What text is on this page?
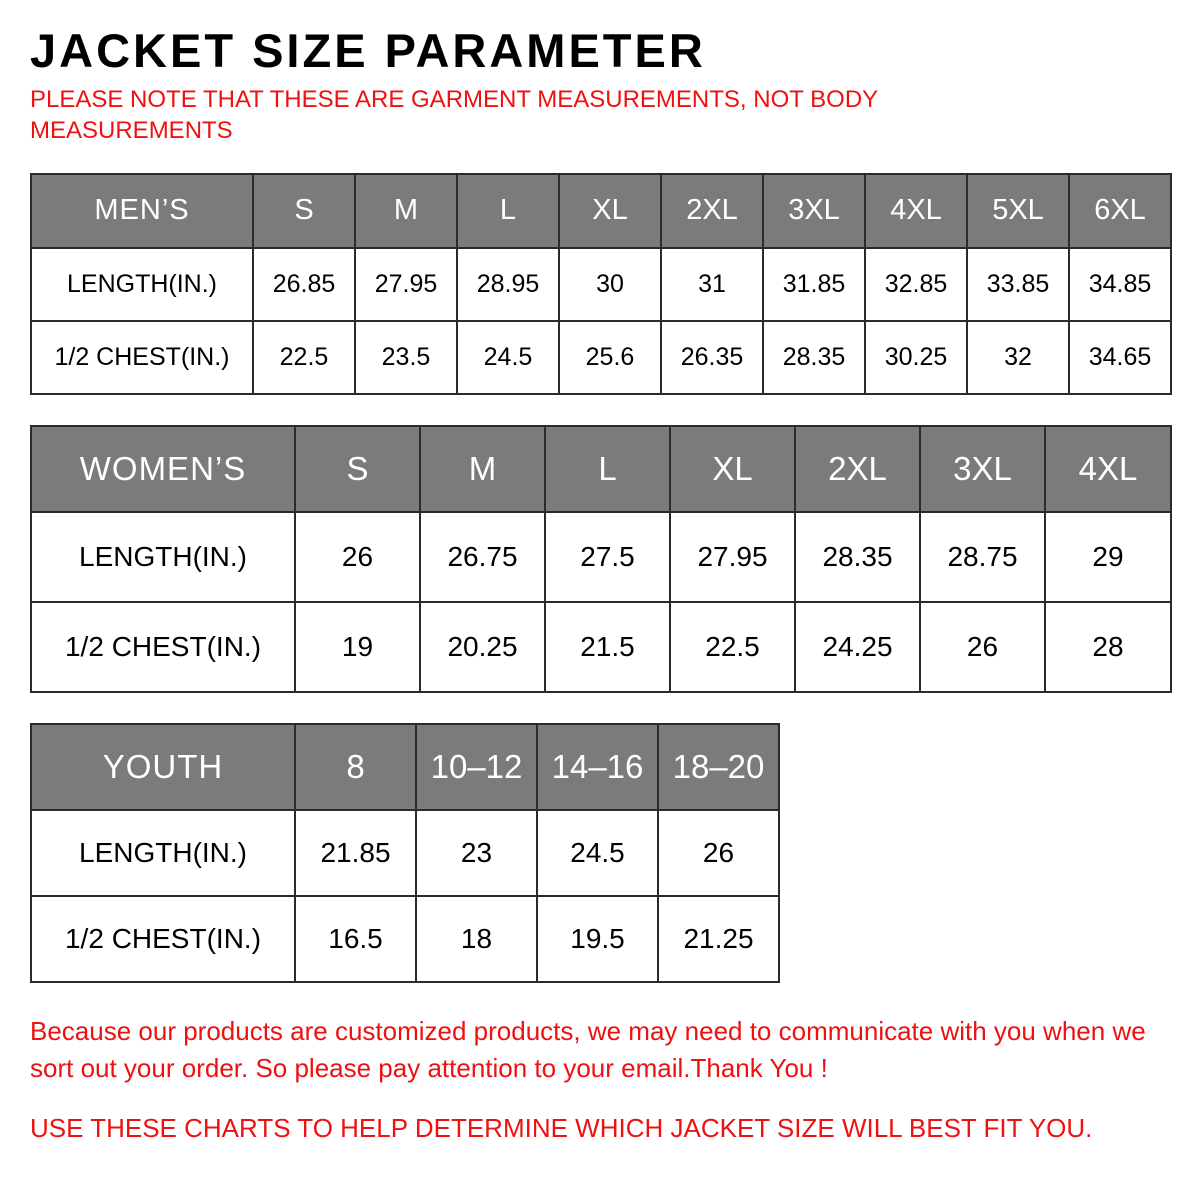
JACKET SIZE PARAMETER
PLEASE NOTE THAT THESE ARE GARMENT MEASUREMENTS, NOT BODY MEASUREMENTS
MEN’S	S	M	L	XL	2XL	3XL	4XL	5XL	6XL
LENGTH(IN.)	26.85	27.95	28.95	30	31	31.85	32.85	33.85	34.85
1/2 CHEST(IN.)	22.5	23.5	24.5	25.6	26.35	28.35	30.25	32	34.65
WOMEN’S	S	M	L	XL	2XL	3XL	4XL
LENGTH(IN.)	26	26.75	27.5	27.95	28.35	28.75	29
1/2 CHEST(IN.)	19	20.25	21.5	22.5	24.25	26	28
YOUTH	8	10–12	14–16	18–20
LENGTH(IN.)	21.85	23	24.5	26
1/2 CHEST(IN.)	16.5	18	19.5	21.25

Because our products are customized products, we may need to communicate with you when we sort out your order. So please pay attention to your email.Thank You !

USE THESE CHARTS TO HELP DETERMINE WHICH JACKET SIZE WILL BEST FIT YOU.
